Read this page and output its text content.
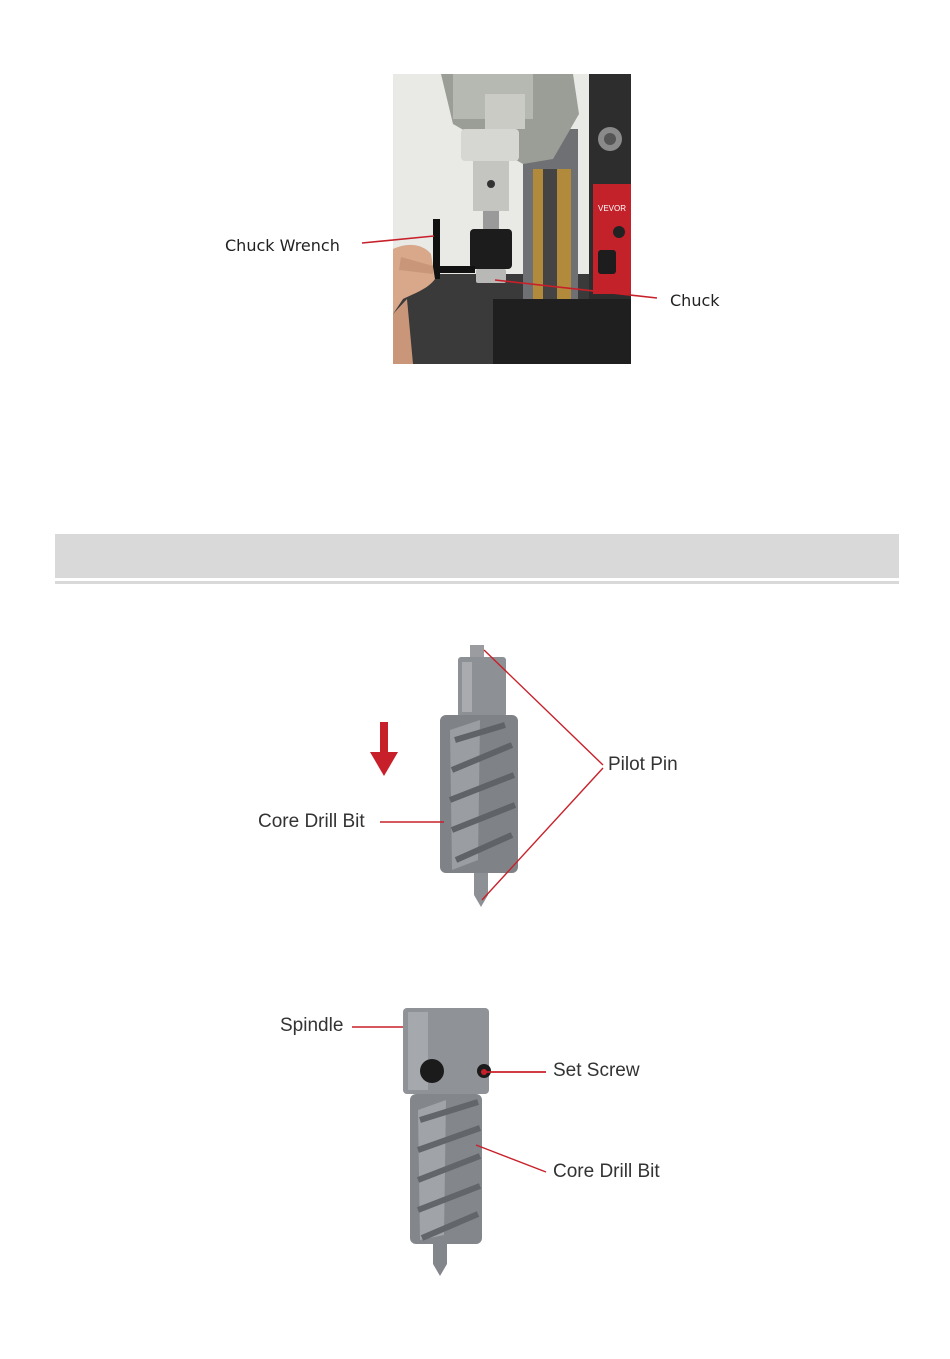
VEVOR
Chuck Wrench
Chuck
Pilot Pin
Core Drill Bit
Spindle
Set Screw
Core Drill Bit
